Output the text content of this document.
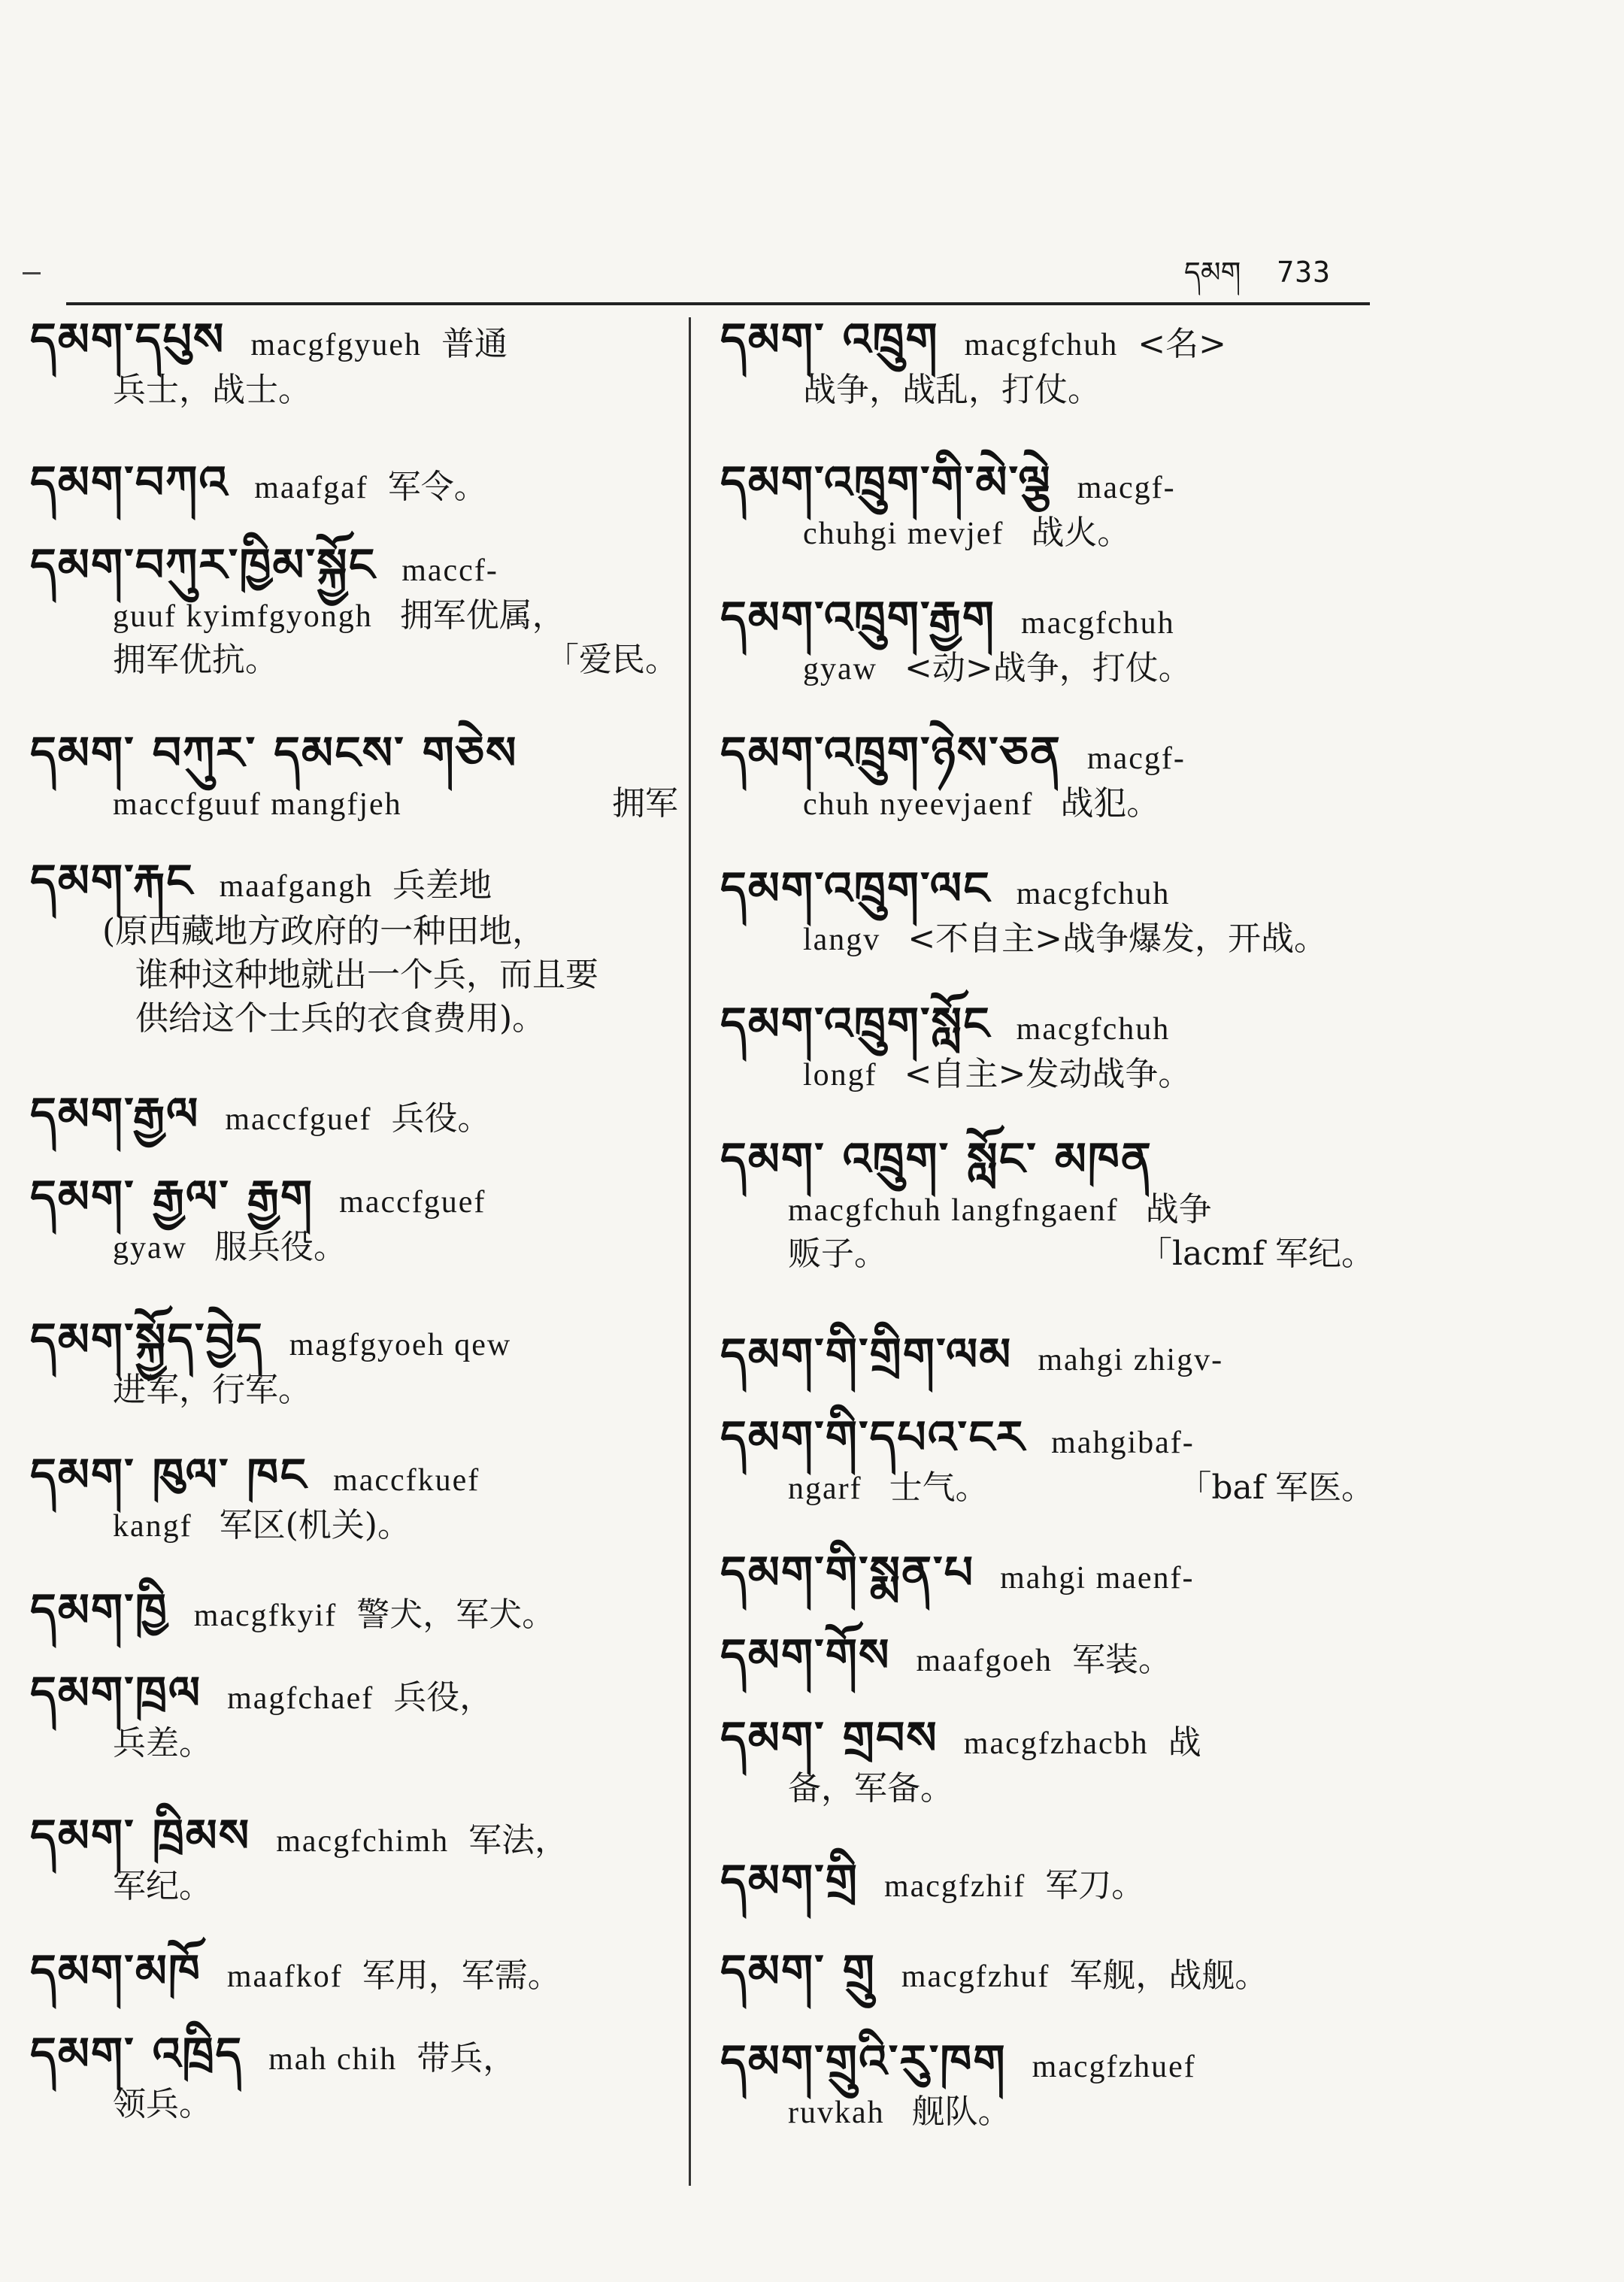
དམག 733
དམག་དཔུས macgfgyueh 普通
兵士，战士。
དམག་བཀའ maafgaf 军令。
དམག་བཀུར་ཁྱིམ་སྐྱོང maccf-
guuf kyimfgyongh 拥军优属，
拥军优抗。	「爱民。
དམག་ བཀུར་ དམངས་ གཅེས
maccfguuf mangfjeh	拥军
དམག་རྐང maafgangh 兵差地
(原西藏地方政府的一种田地，
谁种这种地就出一个兵，而且要
供给这个士兵的衣食费用)。
དམག་རྒྱལ maccfguef 兵役。
དམག་ རྒྱལ་ རྒྱག maccfguef
gyaw 服兵役。
དམག་སྐྱོད་བྱེད magfgyoeh qew
进军，行军。
དམག་ ཁུལ་ ཁང maccfkuef
kangf 军区(机关)。
དམག་ཁྱི macgfkyif 警犬，军犬。
དམག་ཁྲལ magfchaef 兵役，
兵差。
དམག་ ཁྲིམས macgfchimh 军法，
军纪。
དམག་མཁོ maafkof 军用，军需。
དམག་ འཁྲིད mah chih 带兵，
领兵。
དམག་ འཁྲུག macgfchuh <名>
战争，战乱，打仗。
དམག་འཁྲུག་གི་མེ་ལྕེ macgf-
chuhgi mevjef 战火。
དམག་འཁྲུག་རྒྱག macgfchuh
gyaw <动>战争，打仗。
དམག་འཁྲུག་ཉེས་ཅན macgf-
chuh nyeevjaenf 战犯。
དམག་འཁྲུག་ལང macgfchuh
langv <不自主>战争爆发，开战。
དམག་འཁྲུག་སློང macgfchuh
longf <自主>发动战争。
དམག་ འཁྲུག་ སློང་ མཁན
macgfchuh langfngaenf 战争
贩子。	「lacmf 军纪。
དམག་གི་གྲིག་ལམ mahgi zhigv-
དམག་གི་དཔའ་ངར mahgibaf-
ngarf 士气。	「baf 军医。
དམག་གི་སྨན་པ mahgi maenf-
དམག་གོས maafgoeh 军装。
དམག་ གྲབས macgfzhacbh 战
备，军备。
དམག་གྲི macgfzhif 军刀。
དམག་ གྲུ macgfzhuf 军舰，战舰。
དམག་གྲུའི་རུ་ཁག macgfzhuef
ruvkah 舰队。
